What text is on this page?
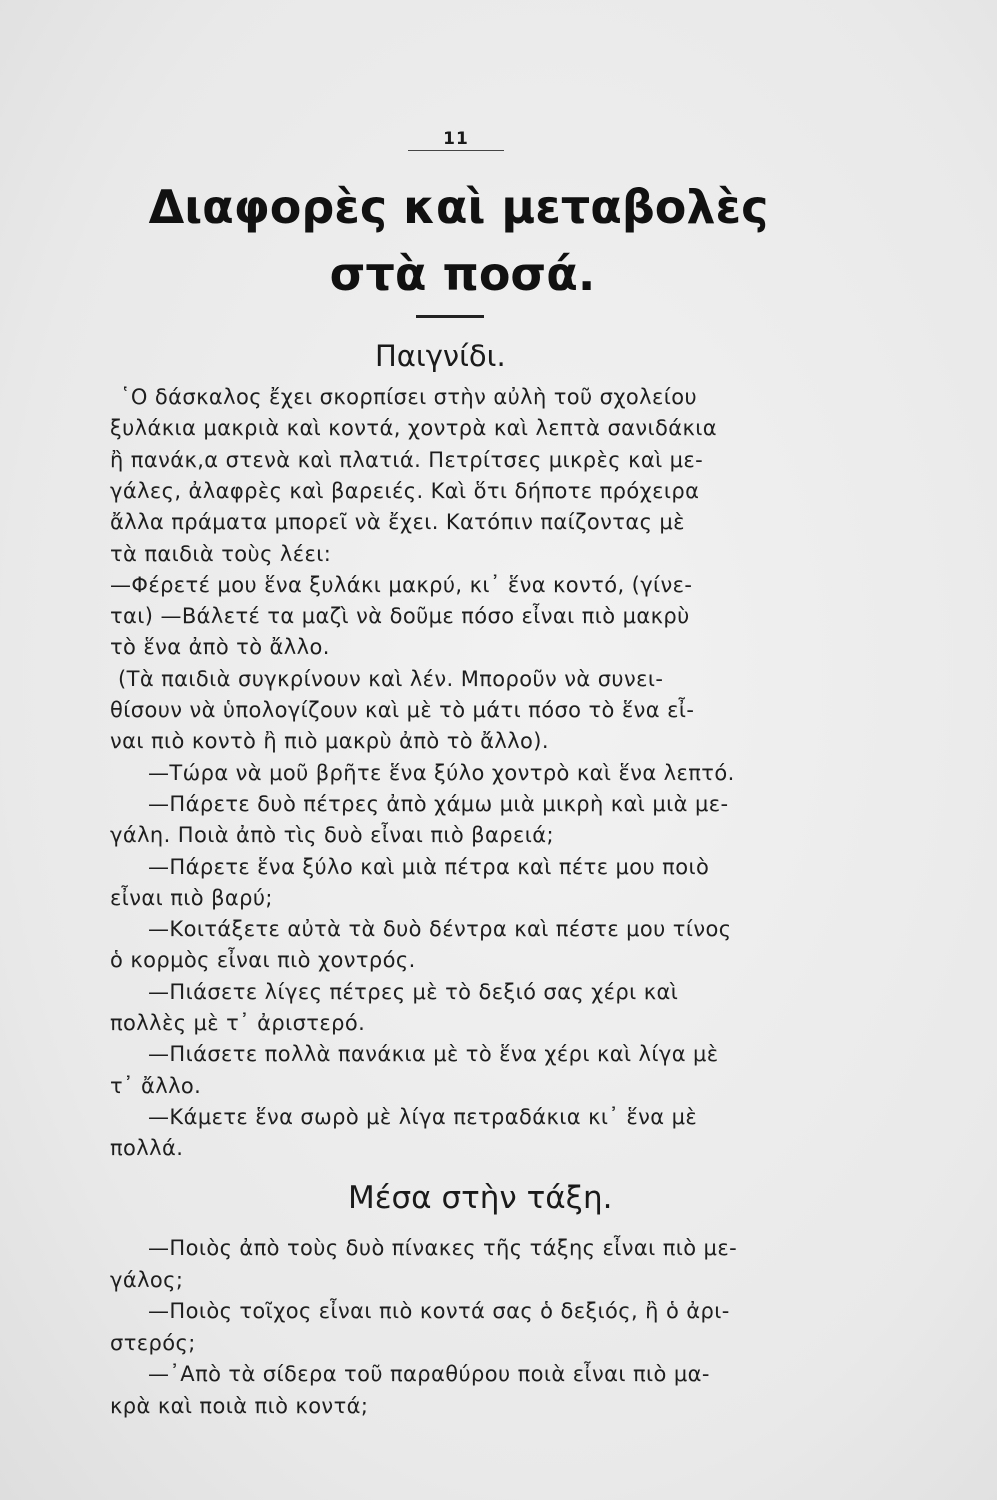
11
Διαφορὲς καὶ μεταβολὲς
στὰ ποσά.
Παιγνίδι.
῾Ο δάσκαλος ἔχει σκορπίσει στὴν αὐλὴ τοῦ σχολείου
ξυλάκια μακριὰ καὶ κοντά, χοντρὰ καὶ λεπτὰ σανιδάκια
ἢ πανάκ,α στενὰ καὶ πλατιά. Πετρίτσες μικρὲς καὶ με-
γάλες, ἀλαφρὲς καὶ βαρειές. Καὶ ὅτι δήποτε πρόχειρα
ἄλλα πράματα μπορεῖ νὰ ἔχει. Κατόπιν παίζοντας μὲ
τὰ παιδιὰ τοὺς λέει:
—Φέρετέ μου ἕνα ξυλάκι μακρύ, κι᾿ ἕνα κοντό, (γίνε-
ται) —Βάλετέ τα μαζὶ νὰ δοῦμε πόσο εἶναι πιὸ μακρὺ
τὸ ἕνα ἀπὸ τὸ ἄλλο.
(Τὰ παιδιὰ συγκρίνουν καὶ λέν. Μποροῦν νὰ συνει-
θίσουν νὰ ὑπολογίζουν καὶ μὲ τὸ μάτι πόσο τὸ ἕνα εἶ-
ναι πιὸ κοντὸ ἢ πιὸ μακρὺ ἀπὸ τὸ ἄλλο).
—Τώρα νὰ μοῦ βρῆτε ἕνα ξύλο χοντρὸ καὶ ἕνα λεπτό.
—Πάρετε δυὸ πέτρες ἀπὸ χάμω μιὰ μικρὴ καὶ μιὰ με-
γάλη. Ποιὰ ἀπὸ τὶς δυὸ εἶναι πιὸ βαρειά;
—Πάρετε ἕνα ξύλο καὶ μιὰ πέτρα καὶ πέτε μου ποιὸ
εἶναι πιὸ βαρύ;
—Κοιτάξετε αὐτὰ τὰ δυὸ δέντρα καὶ πέστε μου τίνος
ὁ κορμὸς εἶναι πιὸ χοντρός.
—Πιάσετε λίγες πέτρες μὲ τὸ δεξιό σας χέρι καὶ
πολλὲς μὲ τ᾿ ἀριστερό.
—Πιάσετε πολλὰ πανάκια μὲ τὸ ἕνα χέρι καὶ λίγα μὲ
τ᾿ ἄλλο.
—Κάμετε ἕνα σωρὸ μὲ λίγα πετραδάκια κι᾿ ἕνα μὲ
πολλά.
Μέσα στὴν τάξη.
—Ποιὸς ἀπὸ τοὺς δυὸ πίνακες τῆς τάξης εἶναι πιὸ με-
γάλος;
—Ποιὸς τοῖχος εἶναι πιὸ κοντά σας ὁ δεξιός, ἢ ὁ ἀρι-
στερός;
—᾿Απὸ τὰ σίδερα τοῦ παραθύρου ποιὰ εἶναι πιὸ μα-
κρὰ καὶ ποιὰ πιὸ κοντά;
